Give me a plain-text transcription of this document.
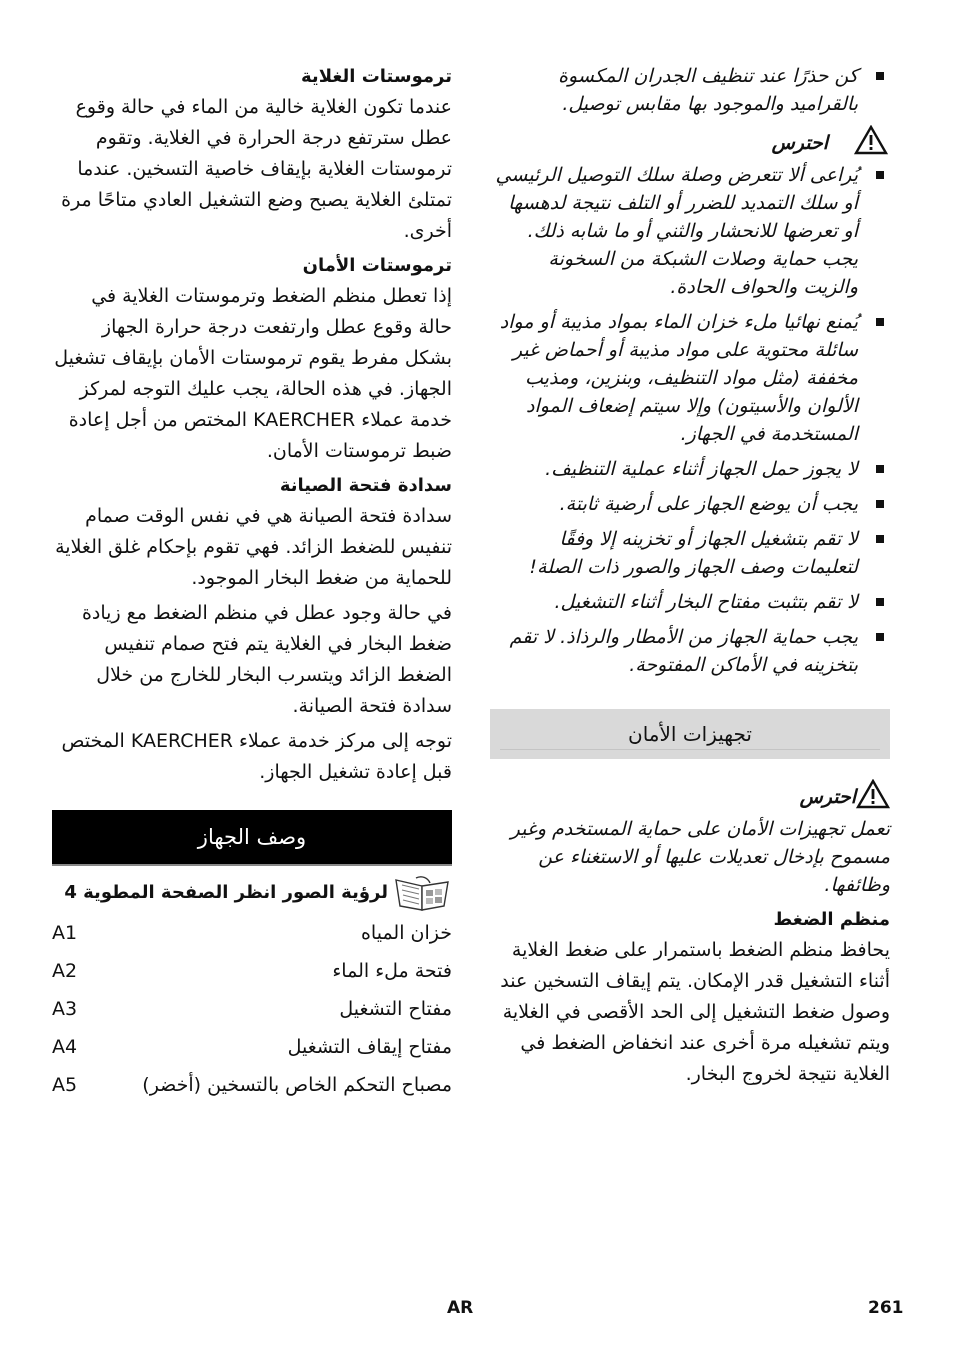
كن حذرًا عند تنظيف الجدران المكسوة بالقراميد والموجود بها مقابس توصيل.
احترس
يُراعى ألا تتعرض وصلة سلك التوصيل الرئيسي أو سلك التمديد للضرر أو التلف نتيجة لدهسها أو تعرضها للانحشار والثني أو ما شابه ذلك. يجب حماية وصلات الشبكة من السخونة والزيت والحواف الحادة.
يُمنع نهائيا ملء خزان الماء بمواد مذيبة أو مواد سائلة محتوية على مواد مذيبة أو أحماض غير مخففة (مثل مواد التنظيف، وبنزين، ومذيب الألوان والأسيتون) وإلا سيتم إضعاف المواد المستخدمة في الجهاز.
لا يجوز حمل الجهاز أثناء عملية التنظيف.
يجب أن يوضع الجهاز على أرضية ثابتة.
لا تقم بتشغيل الجهاز أو تخزينه إلا وفقًا لتعليمات وصف الجهاز والصور ذات الصلة!
لا تقم بتثبت مفتاح البخار أثناء التشغيل.
يجب حماية الجهاز من الأمطار والرذاذ. لا تقم بتخزينه في الأماكن المفتوحة.
تجهيزات الأمان
احترس

تعمل تجهيزات الأمان على حماية المستخدم وغير مسموح بإدخال تعديلات عليها أو الاستغناء عن وظائفها.

منظم الضغط

يحافظ منظم الضغط باستمرار على ضغط الغلاية أثناء التشغيل قدر الإمكان. يتم إيقاف التسخين عند وصول ضغط التشغيل إلى الحد الأقصى في الغلاية ويتم تشغيله مرة أخرى عند انخفاض الضغط في الغلاية نتيجة لخروج البخار.

ترموستات الغلاية

عندما تكون الغلاية خالية من الماء في حالة وقوع عطل سترتفع درجة الحرارة في الغلاية. وتقوم ترموستات الغلاية بإيقاف خاصية التسخين. عندما تمتلئ الغلاية يصبح وضع التشغيل العادي متاحًا مرة أخرى.

ترموستات الأمان

إذا تعطل منظم الضغط وترموستات الغلاية في حالة وقوع عطل وارتفعت درجة حرارة الجهاز بشكل مفرط يقوم ترموستات الأمان بإيقاف تشغيل الجهاز. في هذه الحالة، يجب عليك التوجه لمركز خدمة عملاء KAERCHER المختص من أجل إعادة ضبط ترموستات الأمان.

سدادة فتحة الصيانة

سدادة فتحة الصيانة هي في نفس الوقت صمام تنفيس للضغط الزائد. فهي تقوم بإحكام غلق الغلاية للحماية من ضغط البخار الموجود.

في حالة وجود عطل في منظم الضغط مع زيادة ضغط البخار في الغلاية يتم فتح صمام تنفيس الضغط الزائد ويتسرب البخار للخارج من خلال سدادة فتحة الصيانة.

توجه إلى مركز خدمة عملاء KAERCHER المختص قبل إعادة تشغيل الجهاز.

وصف الجهاز
لرؤية الصور انظر الصفحة المطوية 4
خزان المياه	A1
فتحة ملء الماء	A2
مفتاح التشغيل	A3
مفتاح إيقاف التشغيل	A4
مصباح التحكم الخاص بالتسخين (أخضر)	A5
AR	261
